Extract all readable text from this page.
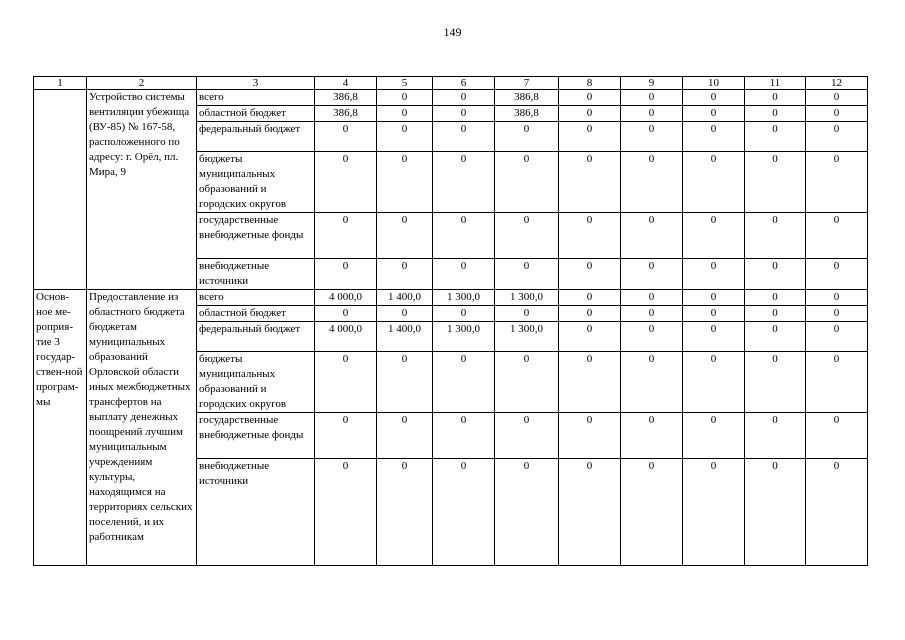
149
1	2	3	4	5	6	7	8	9	10	11	12
	Устройство системы вентиляции убежища (ВУ-85) № 167-58, расположенного по адресу: г. Орёл, пл. Мира, 9	всего	386,8	0	0	386,8	0	0	0	0	0
		областной бюджет	386,8	0	0	386,8	0	0	0	0	0
		федеральный бюджет	0	0	0	0	0	0	0	0	0
		бюджеты муниципальных образований и городских округов	0	0	0	0	0	0	0	0	0
		государственные внебюджетные фонды	0	0	0	0	0	0	0	0	0
		внебюджетные источники	0	0	0	0	0	0	0	0	0
Основ-ное ме-роприя-тие 3 государ-ствен-ной програм-мы	Предоставление из областного бюджета бюджетам муниципальных образований Орловской области иных межбюджетных трансфертов на выплату денежных поощрений лучшим муниципальным учреждениям культуры, находящимся на территориях сельских поселений, и их работникам	всего	4 000,0	1 400,0	1 300,0	1 300,0	0	0	0	0	0
		областной бюджет	0	0	0	0	0	0	0	0	0
		федеральный бюджет	4 000,0	1 400,0	1 300,0	1 300,0	0	0	0	0	0
		бюджеты муниципальных образований и городских округов	0	0	0	0	0	0	0	0	0
		государственные внебюджетные фонды	0	0	0	0	0	0	0	0	0
		внебюджетные источники	0	0	0	0	0	0	0	0	0
